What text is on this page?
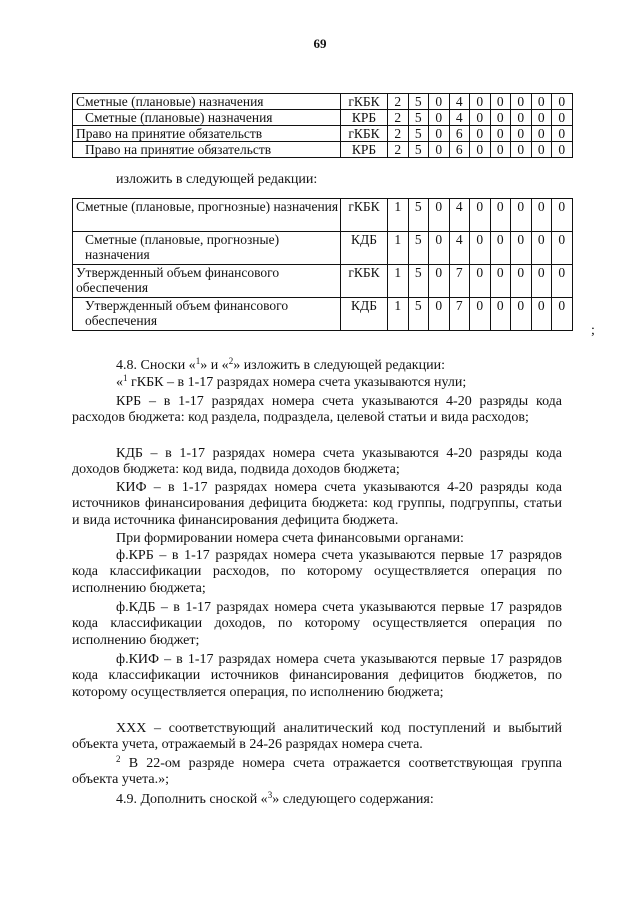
69
Сметные (плановые) назначения	гКБК	2	5	0	4	0	0	0	0	0
Сметные (плановые) назначения	КРБ	2	5	0	4	0	0	0	0	0
Право на принятие обязательств	гКБК	2	5	0	6	0	0	0	0	0
Право на принятие обязательств	КРБ	2	5	0	6	0	0	0	0	0
изложить в следующей редакции:
Сметные (плановые, прогнозные) назначения	гКБК	1	5	0	4	0	0	0	0	0
Сметные (плановые, прогнозные) назначения	КДБ	1	5	0	4	0	0	0	0	0
Утвержденный объем финансового обеспечения	гКБК	1	5	0	7	0	0	0	0	0
Утвержденный объем финансового обеспечения	КДБ	1	5	0	7	0	0	0	0	0
;
4.8. Сноски «$^1$» и «$^2$» изложить в следующей редакции:
«$^1$ гКБК – в 1-17 разрядах номера счета указываются нули;
КРБ – в 1-17 разрядах номера счета указываются 4-20 разряды кода расходов бюджета: код раздела, подраздела, целевой статьи и вида расходов;
КДБ – в 1-17 разрядах номера счета указываются 4-20 разряды кода доходов бюджета: код вида, подвида доходов бюджета;
КИФ – в 1-17 разрядах номера счета указываются 4-20 разряды кода источников финансирования дефицита бюджета: код группы, подгруппы, статьи и вида источника финансирования дефицита бюджета.
При формировании номера счета финансовыми органами:
ф.КРБ – в 1-17 разрядах номера счета указываются первые 17 разрядов кода классификации расходов, по которому осуществляется операция по исполнению бюджета;
ф.КДБ – в 1-17 разрядах номера счета указываются первые 17 разрядов кода классификации доходов, по которому осуществляется операция по исполнению бюджет;
ф.КИФ – в 1-17 разрядах номера счета указываются первые 17 разрядов кода классификации источников финансирования дефицитов бюджетов, по которому осуществляется операция, по исполнению бюджета;
ХХХ – соответствующий аналитический код поступлений и выбытий объекта учета, отражаемый в 24-26 разрядах номера счета.
$^2$ В 22-ом разряде номера счета отражается соответствующая группа объекта учета.»;
4.9. Дополнить сноской «$^3$» следующего содержания:
